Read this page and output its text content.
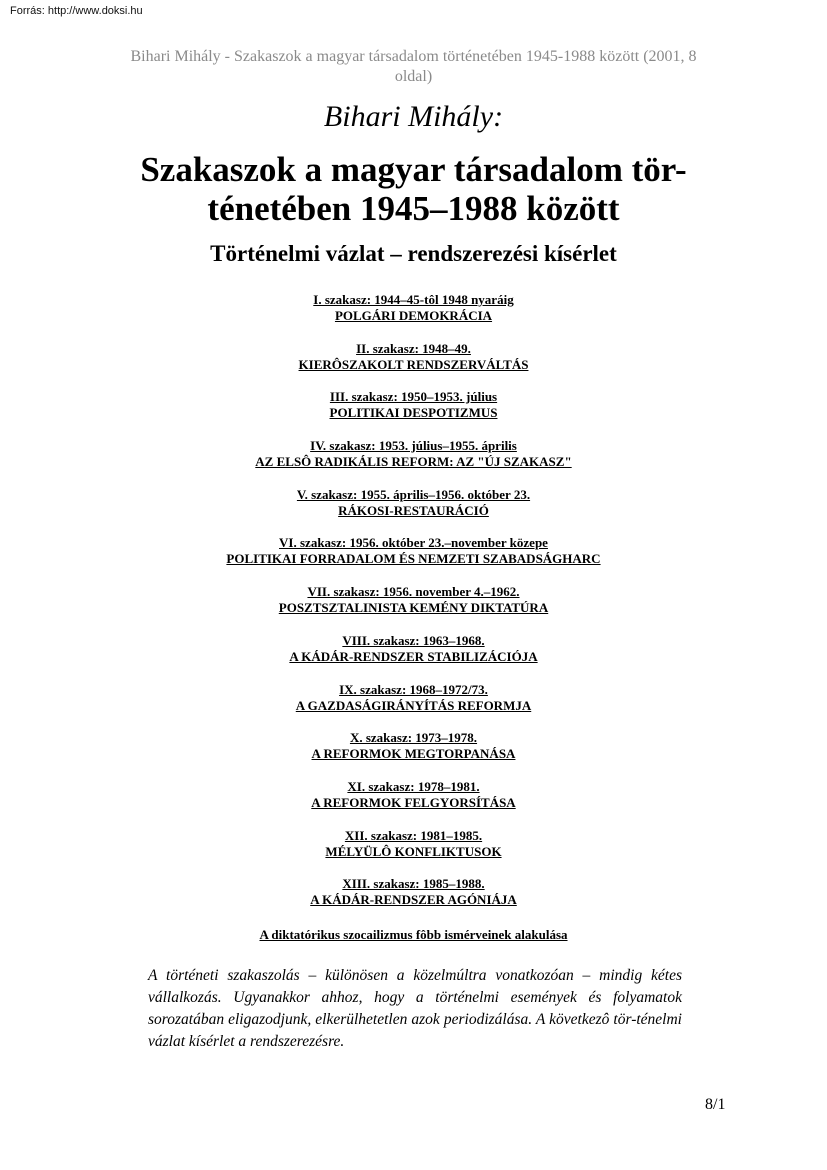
Forrás: http://www.doksi.hu
Bihari Mihály - Szakaszok a magyar társadalom történetében 1945-1988 között (2001, 8 oldal)
Bihari Mihály:
Szakaszok a magyar társadalom tör-
ténetében 1945–1988 között
Történelmi vázlat – rendszerezési kísérlet
I. szakasz: 1944–45-tôl 1948 nyaráig
POLGÁRI DEMOKRÁCIA
II. szakasz: 1948–49.
KIERÔSZAKOLT RENDSZERVÁLTÁS
III. szakasz: 1950–1953. július
POLITIKAI DESPOTIZMUS
IV. szakasz: 1953. július–1955. április
AZ ELSÔ RADIKÁLIS REFORM: AZ "ÚJ SZAKASZ"
V. szakasz: 1955. április–1956. október 23.
RÁKOSI-RESTAURÁCIÓ
VI. szakasz: 1956. október 23.–november közepe
POLITIKAI FORRADALOM ÉS NEMZETI SZABADSÁGHARC
VII. szakasz: 1956. november 4.–1962.
POSZTSZTALINISTA KEMÉNY DIKTATÚRA
VIII. szakasz: 1963–1968.
A KÁDÁR-RENDSZER STABILIZÁCIÓJA
IX. szakasz: 1968–1972/73.
A GAZDASÁGIRÁNYÍTÁS REFORMJA
X. szakasz: 1973–1978.
A REFORMOK MEGTORPANÁSA
XI. szakasz: 1978–1981.
A REFORMOK FELGYORSÍTÁSA
XII. szakasz: 1981–1985.
MÉLYÜLÔ KONFLIKTUSOK
XIII. szakasz: 1985–1988.
A KÁDÁR-RENDSZER AGÓNIÁJA
A diktatórikus szocailizmus fôbb ismérveinek alakulása

A történeti szakaszolás – különösen a közelmúltra vonatkozóan – mindig kétes vállalkozás. Ugyanakkor ahhoz, hogy a történelmi események és folyamatok sorozatában eligazodjunk, elkerülhetetlen azok periodizálása. A következô tör-ténelmi vázlat kísérlet a rendszerezésre.

8/1
